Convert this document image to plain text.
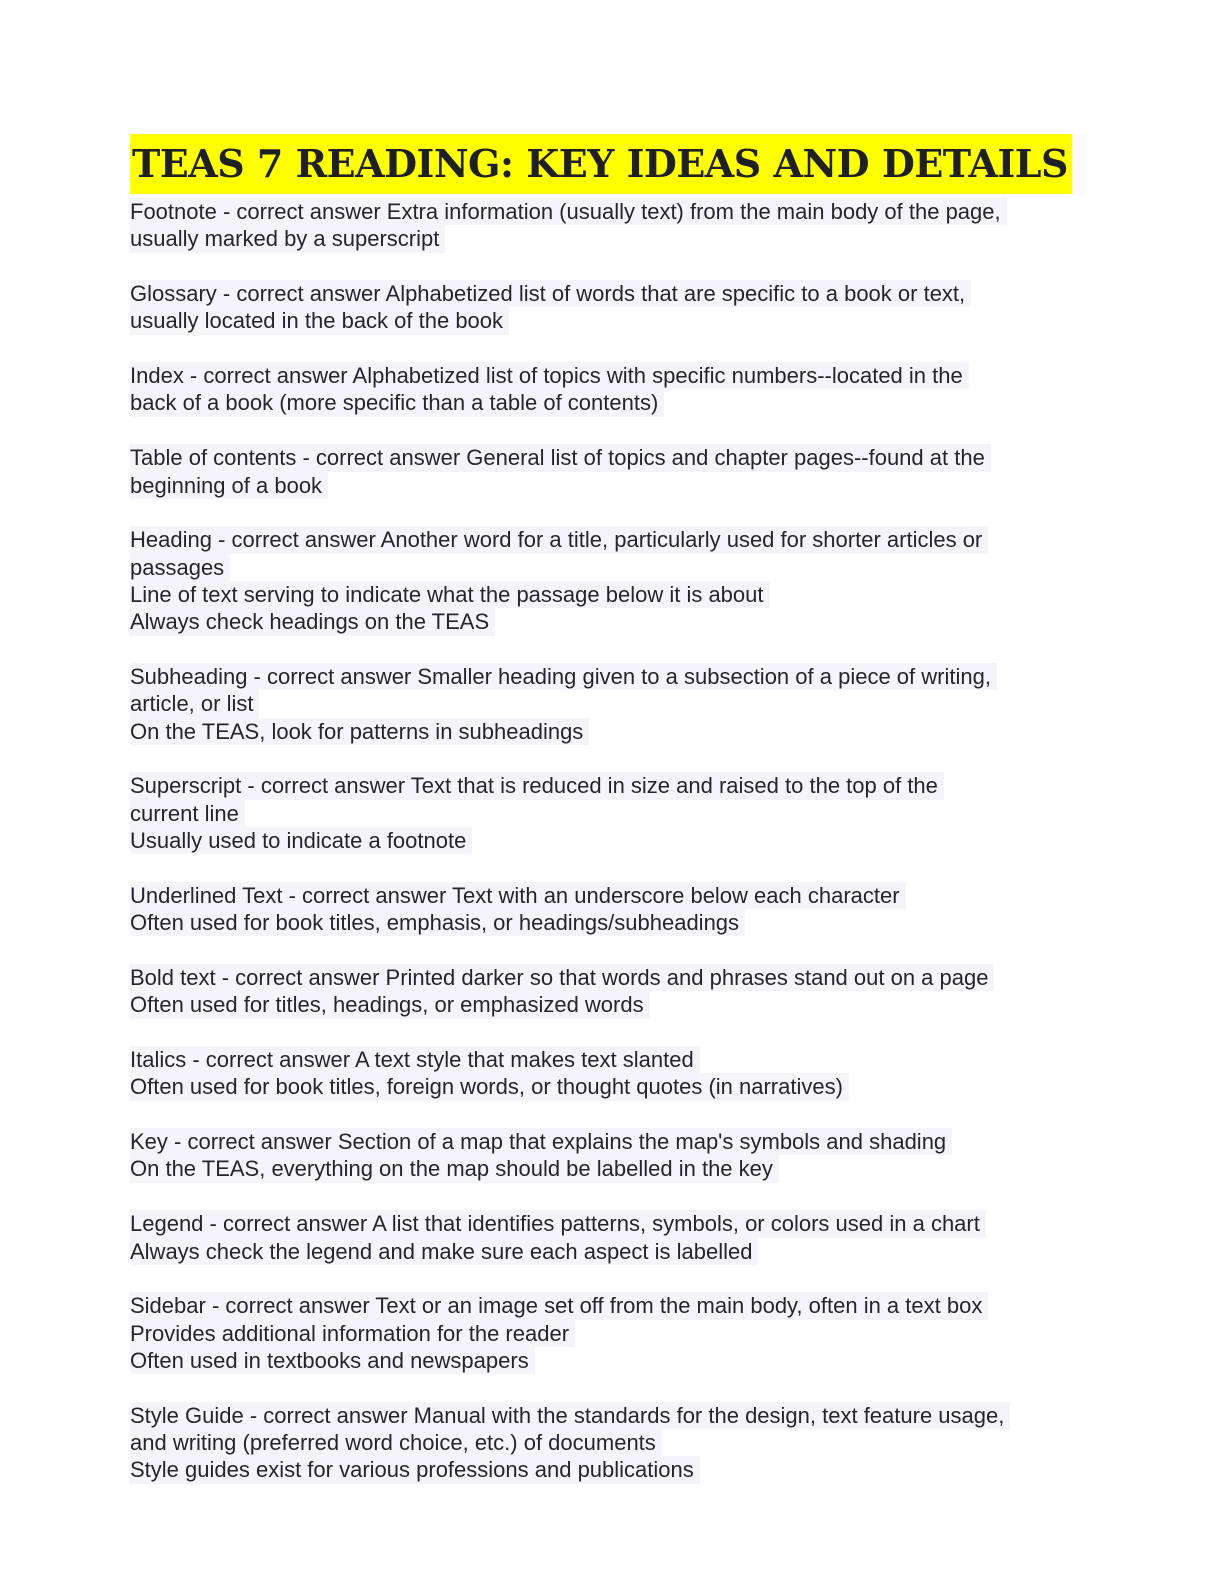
TEAS 7 READING: KEY IDEAS AND DETAILS
Footnote - correct answer Extra information (usually text) from the main body of the page,
usually marked by a superscript
Glossary - correct answer Alphabetized list of words that are specific to a book or text,
usually located in the back of the book
Index - correct answer Alphabetized list of topics with specific numbers--located in the
back of a book (more specific than a table of contents)
Table of contents - correct answer General list of topics and chapter pages--found at the
beginning of a book
Heading - correct answer Another word for a title, particularly used for shorter articles or
passages
Line of text serving to indicate what the passage below it is about
Always check headings on the TEAS
Subheading - correct answer Smaller heading given to a subsection of a piece of writing,
article, or list
On the TEAS, look for patterns in subheadings
Superscript - correct answer Text that is reduced in size and raised to the top of the
current line
Usually used to indicate a footnote
Underlined Text - correct answer Text with an underscore below each character
Often used for book titles, emphasis, or headings/subheadings
Bold text - correct answer Printed darker so that words and phrases stand out on a page
Often used for titles, headings, or emphasized words
Italics - correct answer A text style that makes text slanted
Often used for book titles, foreign words, or thought quotes (in narratives)
Key - correct answer Section of a map that explains the map's symbols and shading
On the TEAS, everything on the map should be labelled in the key
Legend - correct answer A list that identifies patterns, symbols, or colors used in a chart
Always check the legend and make sure each aspect is labelled
Sidebar - correct answer Text or an image set off from the main body, often in a text box
Provides additional information for the reader
Often used in textbooks and newspapers
Style Guide - correct answer Manual with the standards for the design, text feature usage,
and writing (preferred word choice, etc.) of documents
Style guides exist for various professions and publications
